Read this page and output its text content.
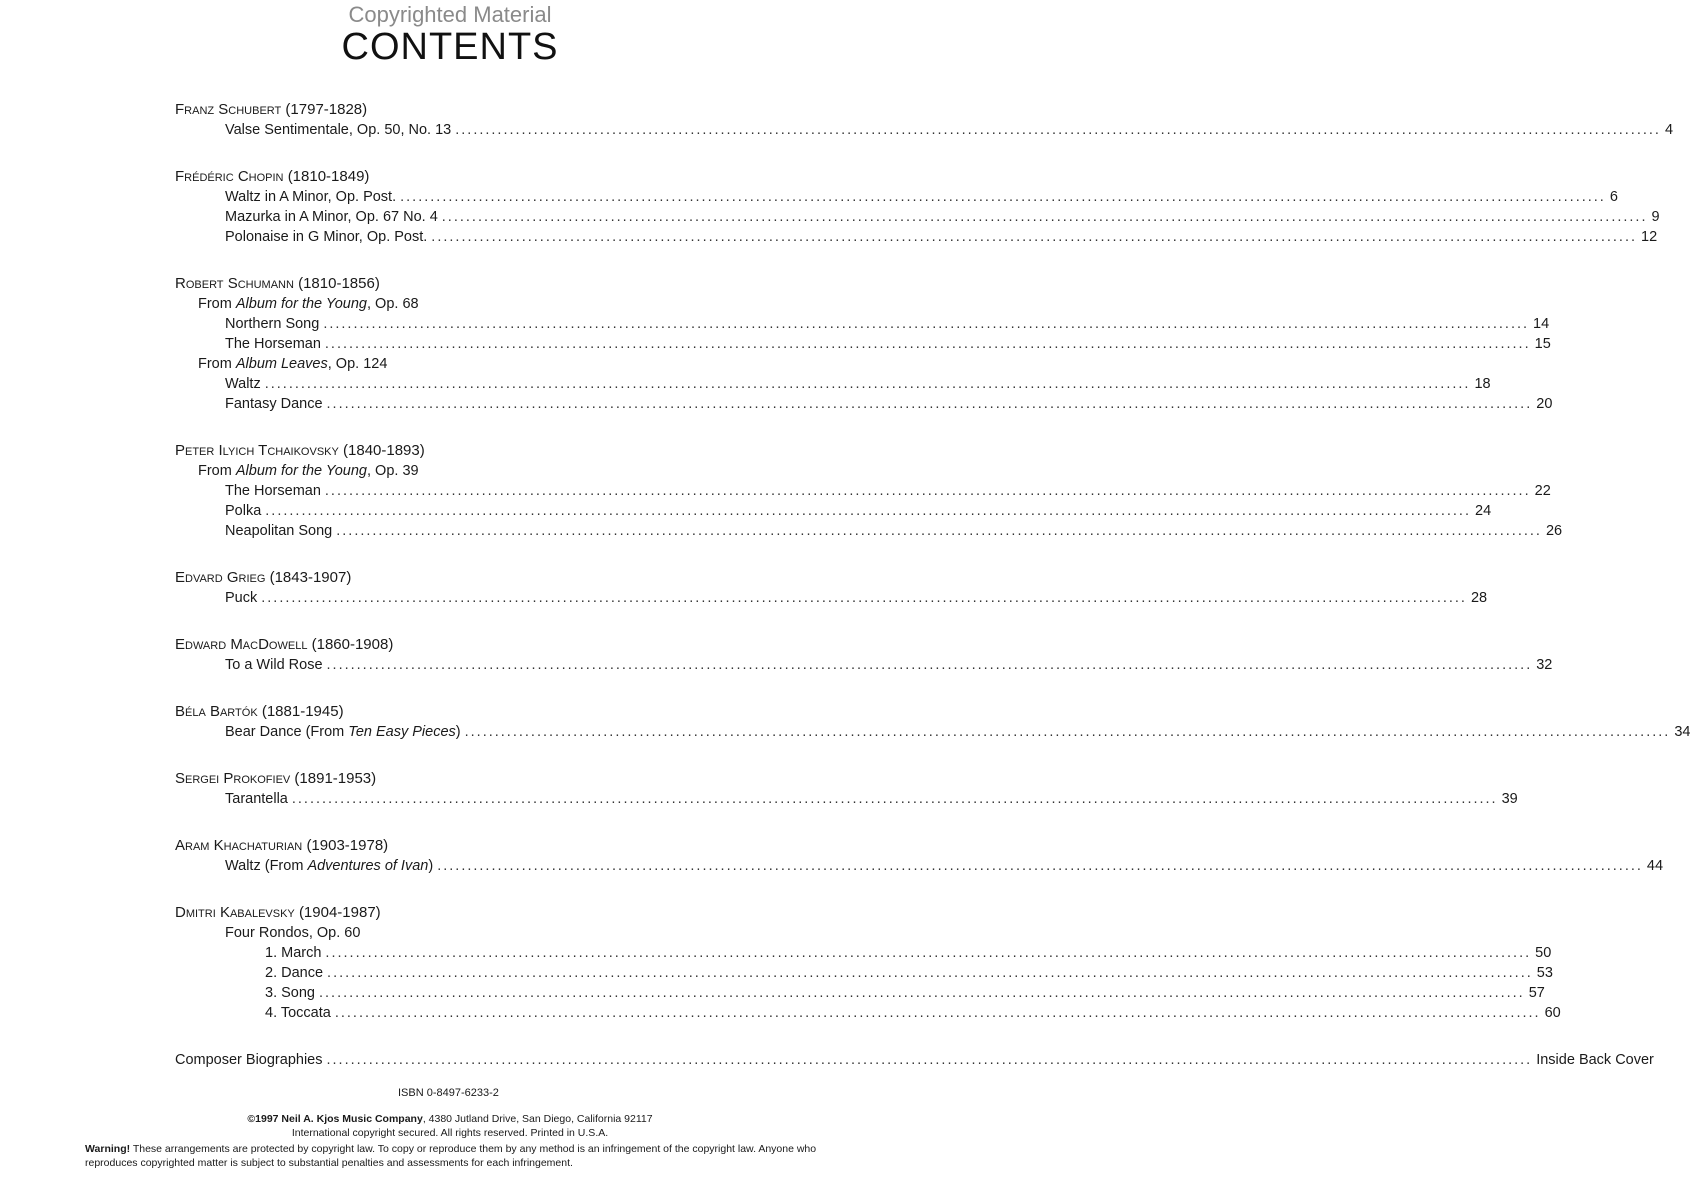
Copyrighted Material
CONTENTS
Franz Schubert (1797-1828)
Valse Sentimentale, Op. 50, No. 13 ........................................................................................................................................................................................................ 4
Frédéric Chopin (1810-1849)
Waltz in A Minor, Op. Post. ........................................................................................................................................................................................................ 6
Mazurka in A Minor, Op. 67 No. 4 ........................................................................................................................................................................................................ 9
Polonaise in G Minor, Op. Post. ........................................................................................................................................................................................................ 12
Robert Schumann (1810-1856)
From Album for the Young, Op. 68
Northern Song ........................................................................................................................................................................................................ 14
The Horseman ........................................................................................................................................................................................................ 15
From Album Leaves, Op. 124
Waltz ........................................................................................................................................................................................................ 18
Fantasy Dance ........................................................................................................................................................................................................ 20
Peter Ilyich Tchaikovsky (1840-1893)
From Album for the Young, Op. 39
The Horseman ........................................................................................................................................................................................................ 22
Polka ........................................................................................................................................................................................................ 24
Neapolitan Song ........................................................................................................................................................................................................ 26
Edvard Grieg (1843-1907)
Puck ........................................................................................................................................................................................................ 28
Edward MacDowell (1860-1908)
To a Wild Rose ........................................................................................................................................................................................................ 32
Béla Bartók (1881-1945)
Bear Dance (From Ten Easy Pieces) ........................................................................................................................................................................................................ 34
Sergei Prokofiev (1891-1953)
Tarantella ........................................................................................................................................................................................................ 39
Aram Khachaturian (1903-1978)
Waltz (From Adventures of Ivan) ........................................................................................................................................................................................................ 44
Dmitri Kabalevsky (1904-1987)
Four Rondos, Op. 60
1. March ........................................................................................................................................................................................................ 50
2. Dance ........................................................................................................................................................................................................ 53
3. Song ........................................................................................................................................................................................................ 57
4. Toccata ........................................................................................................................................................................................................ 60
Composer Biographies ........................................................................................................................................................................................................ Inside Back Cover
ISBN 0-8497-6233-2
©1997 Neil A. Kjos Music Company, 4380 Jutland Drive, San Diego, California 92117
International copyright secured. All rights reserved. Printed in U.S.A.
Warning! These arrangements are protected by copyright law. To copy or reproduce them by any method is an infringement of the copyright law. Anyone who reproduces copyrighted matter is subject to substantial penalties and assessments for each infringement.
